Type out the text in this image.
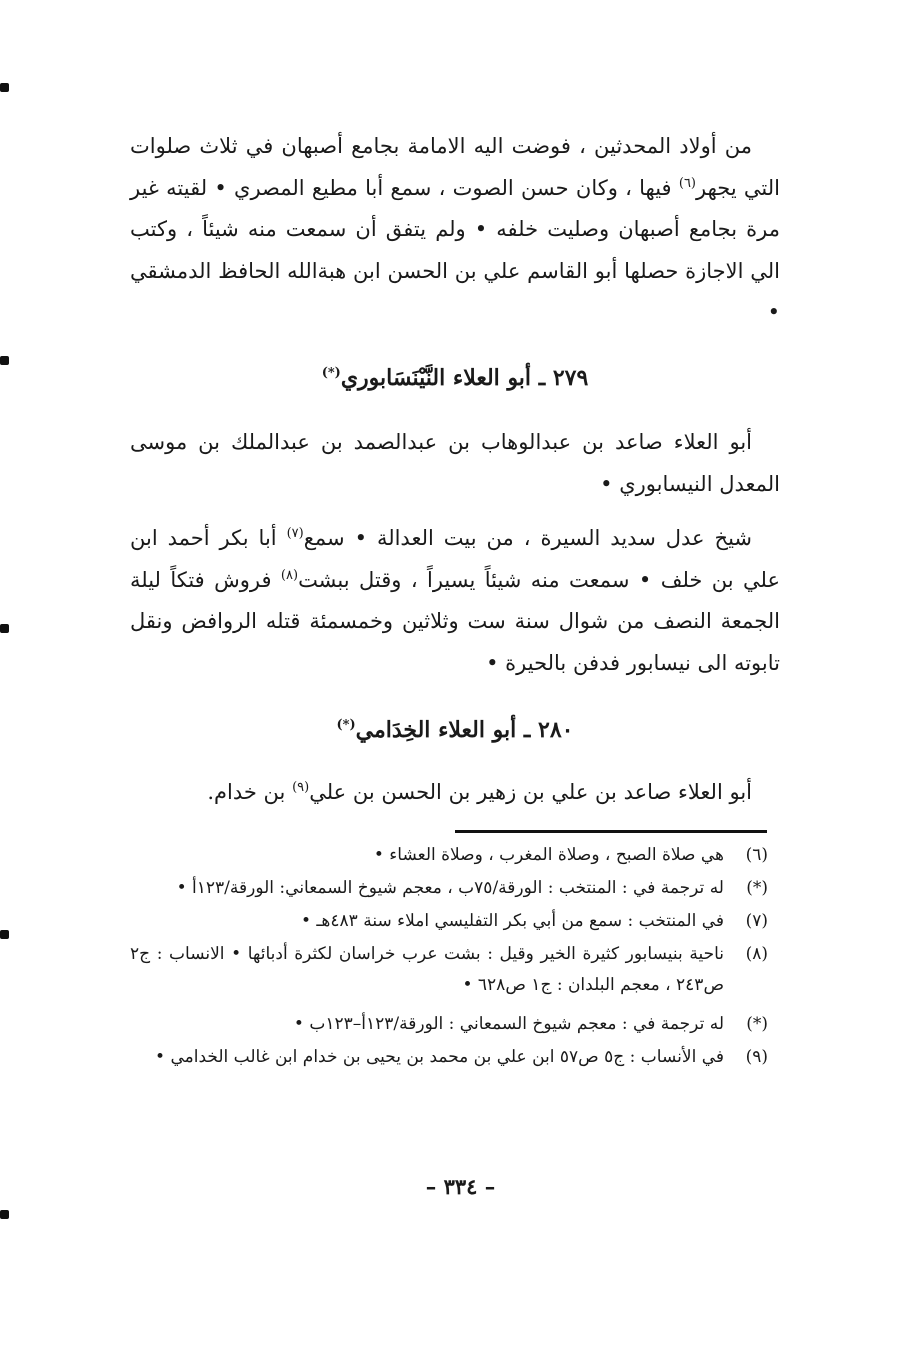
من أولاد المحدثين ، فوضت اليه الامامة بجامع أصبهان في ثلاث صلوات التي يجهر$^{(٦)}$ فيها ، وكان حسن الصوت ، سمع أبا مطيع المصري • لقيته غير مرة بجامع أصبهان وصليت خلفه • ولم يتفق أن سمعت منه شيئاً ، وكتب الي الاجازة حصلها أبو القاسم علي بن الحسن ابن هبةالله الحافظ الدمشقي •

٢٧٩ ـ أبو العلاء النَّيْنَسَابوري(*)

أبو العلاء صاعد بن عبدالوهاب بن عبدالصمد بن عبدالملك بن موسى المعدل النيسابوري •

شيخ عدل سديد السيرة ، من بيت العدالة • سمع$^{(٧)}$ أبا بكر أحمد ابن علي بن خلف • سمعت منه شيئاً يسيراً ، وقتل ببشت$^{(٨)}$ فروش فتكاً ليلة الجمعة النصف من شوال سنة ست وثلاثين وخمسمئة قتله الروافض ونقل تابوته الى نيسابور فدفن بالحيرة •

٢٨٠ ـ أبو العلاء الخِدَامي(*)

أبو العلاء صاعد بن علي بن زهير بن الحسن بن علي$^{(٩)}$ بن خدام.

(٦)
هي صلاة الصبح ، وصلاة المغرب ، وصلاة العشاء •
(*)
له ترجمة في : المنتخب : الورقة/٧٥ب ، معجم شيوخ السمعاني: الورقة/١٢٣أ •
(٧)
في المنتخب : سمع من أبي بكر التفليسي املاء سنة ٤٨٣هـ •
(٨)
ناحية بنيسابور كثيرة الخير وقيل : بشت عرب خراسان لكثرة أدبائها • الانساب : ج٢ ص٢٤٣ ، معجم البلدان : ج١ ص٦٢٨ •
(*)
له ترجمة في : معجم شيوخ السمعاني : الورقة/١٢٣أ–١٢٣ب •
(٩)
في الأنساب : ج٥ ص٥٧ ابن علي بن محمد بن يحيى بن خدام ابن غالب الخدامي •
– ٣٣٤ –
